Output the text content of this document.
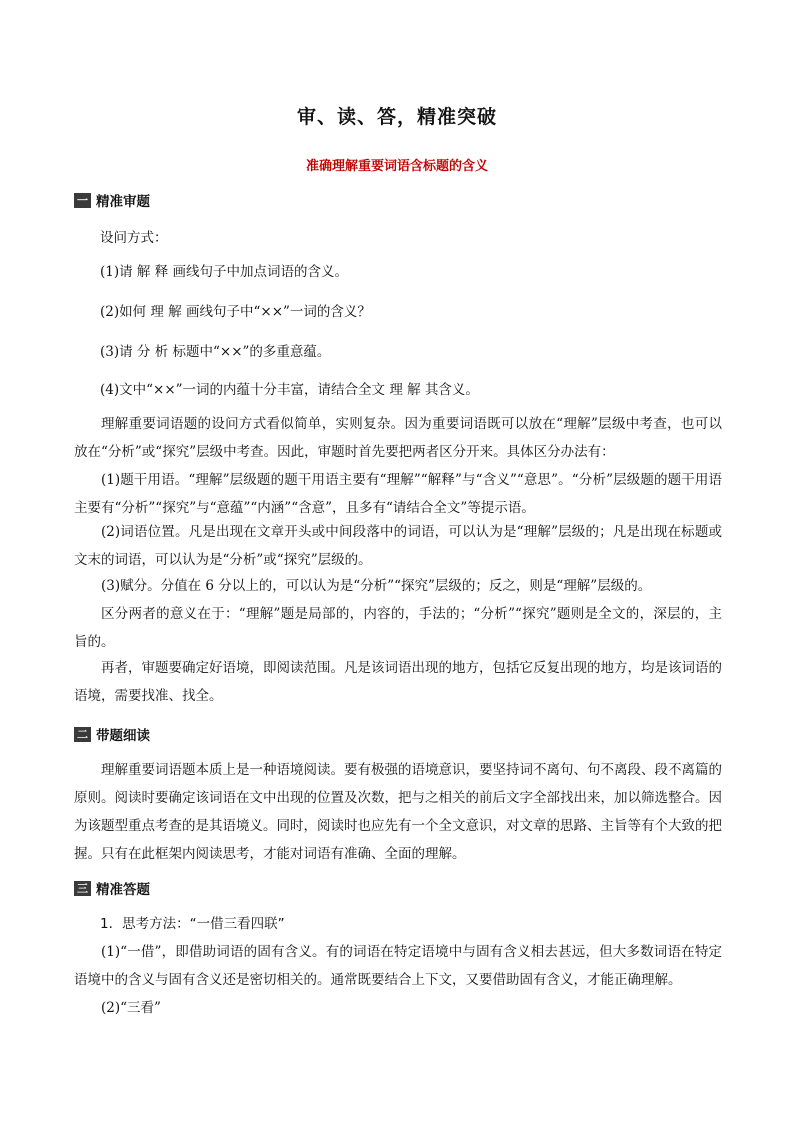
审、读、答，精准突破
准确理解重要词语含标题的含义
一 精准审题
设问方式：
(1)请 解 释 画线句子中加点词语的含义。
(2)如何 理 解 画线句子中“××”一词的含义？
(3)请 分 析 标题中“××”的多重意蕴。
(4)文中“××”一词的内蕴十分丰富，请结合全文 理 解 其含义。
理解重要词语题的设问方式看似简单，实则复杂。因为重要词语既可以放在“理解”层级中考查，也可以放在“分析”或“探究”层级中考查。因此，审题时首先要把两者区分开来。具体区分办法有：
(1)题干用语。“理解”层级题的题干用语主要有“理解”“解释”与“含义”“意思”。“分析”层级题的题干用语主要有“分析”“探究”与“意蕴”“内涵”“含意”，且多有“请结合全文”等提示语。
(2)词语位置。凡是出现在文章开头或中间段落中的词语，可以认为是“理解”层级的；凡是出现在标题或文末的词语，可以认为是“分析”或“探究”层级的。
(3)赋分。分值在 6 分以上的，可以认为是“分析”“探究”层级的；反之，则是“理解”层级的。
区分两者的意义在于：“理解”题是局部的，内容的，手法的；“分析”“探究”题则是全文的，深层的，主旨的。
再者，审题要确定好语境，即阅读范围。凡是该词语出现的地方，包括它反复出现的地方，均是该词语的语境，需要找准、找全。
二 带题细读
理解重要词语题本质上是一种语境阅读。要有极强的语境意识，要坚持词不离句、句不离段、段不离篇的原则。阅读时要确定该词语在文中出现的位置及次数，把与之相关的前后文字全部找出来，加以筛选整合。因为该题型重点考查的是其语境义。同时，阅读时也应先有一个全文意识，对文章的思路、主旨等有个大致的把握。只有在此框架内阅读思考，才能对词语有准确、全面的理解。
三 精准答题
1．思考方法：“一借三看四联”
(1)“一借”，即借助词语的固有含义。有的词语在特定语境中与固有含义相去甚远，但大多数词语在特定语境中的含义与固有含义还是密切相关的。通常既要结合上下文，又要借助固有含义，才能正确理解。
(2)“三看”
